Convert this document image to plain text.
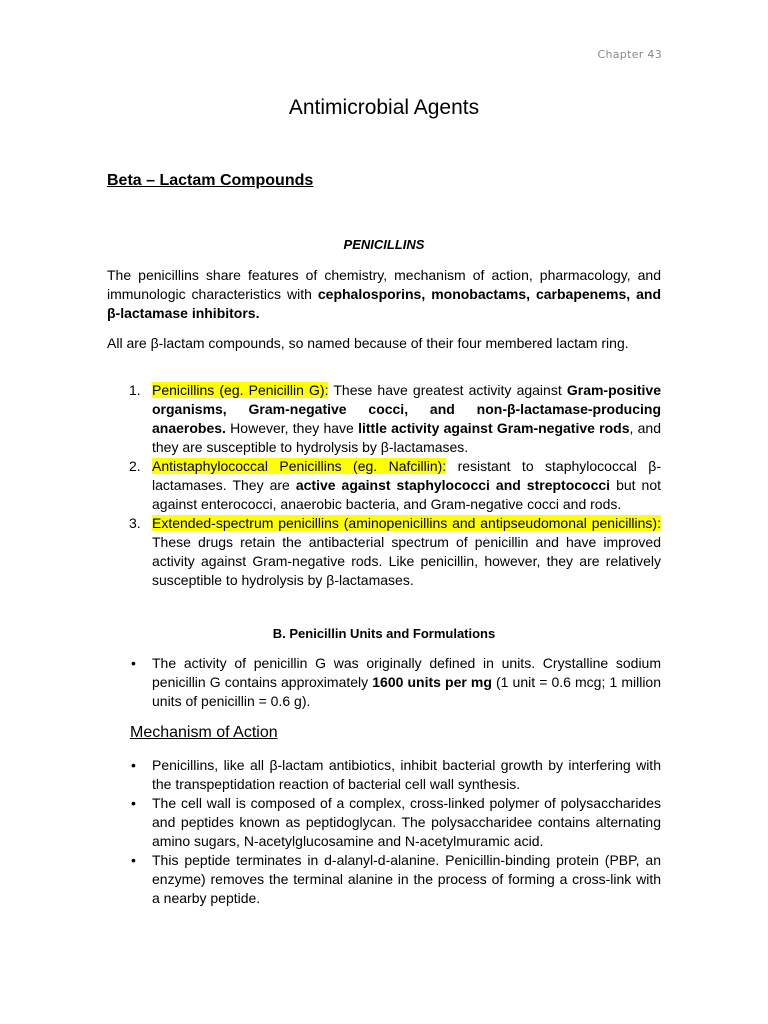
Chapter 43
Antimicrobial Agents
Beta – Lactam Compounds
PENICILLINS

The penicillins share features of chemistry, mechanism of action, pharmacology, and immunologic characteristics with cephalosporins, monobactams, carbapenems, and β-lactamase inhibitors.

All are β-lactam compounds, so named because of their four membered lactam ring.

1. Penicillins (eg. Penicillin G): These have greatest activity against Gram-positive organisms, Gram-negative cocci, and non-β-lactamase-producing anaerobes. However, they have little activity against Gram-negative rods, and they are susceptible to hydrolysis by β-lactamases.
2. Antistaphylococcal Penicillins (eg. Nafcillin): resistant to staphylococcal β-lactamases. They are active against staphylococci and streptococci but not against enterococci, anaerobic bacteria, and Gram-negative cocci and rods.
3. Extended-spectrum penicillins (aminopenicillins and antipseudomonal penicillins): These drugs retain the antibacterial spectrum of penicillin and have improved activity against Gram-negative rods. Like penicillin, however, they are relatively susceptible to hydrolysis by β-lactamases.
B. Penicillin Units and Formulations
• The activity of penicillin G was originally defined in units. Crystalline sodium penicillin G contains approximately 1600 units per mg (1 unit = 0.6 mcg; 1 million units of penicillin = 0.6 g).
Mechanism of Action
• Penicillins, like all β-lactam antibiotics, inhibit bacterial growth by interfering with the transpeptidation reaction of bacterial cell wall synthesis.
• The cell wall is composed of a complex, cross-linked polymer of polysaccharides and peptides known as peptidoglycan. The polysaccharidee contains alternating amino sugars, N-acetylglucosamine and N-acetylmuramic acid.
• This peptide terminates in d-alanyl-d-alanine. Penicillin-binding protein (PBP, an enzyme) removes the terminal alanine in the process of forming a cross-link with a nearby peptide.
